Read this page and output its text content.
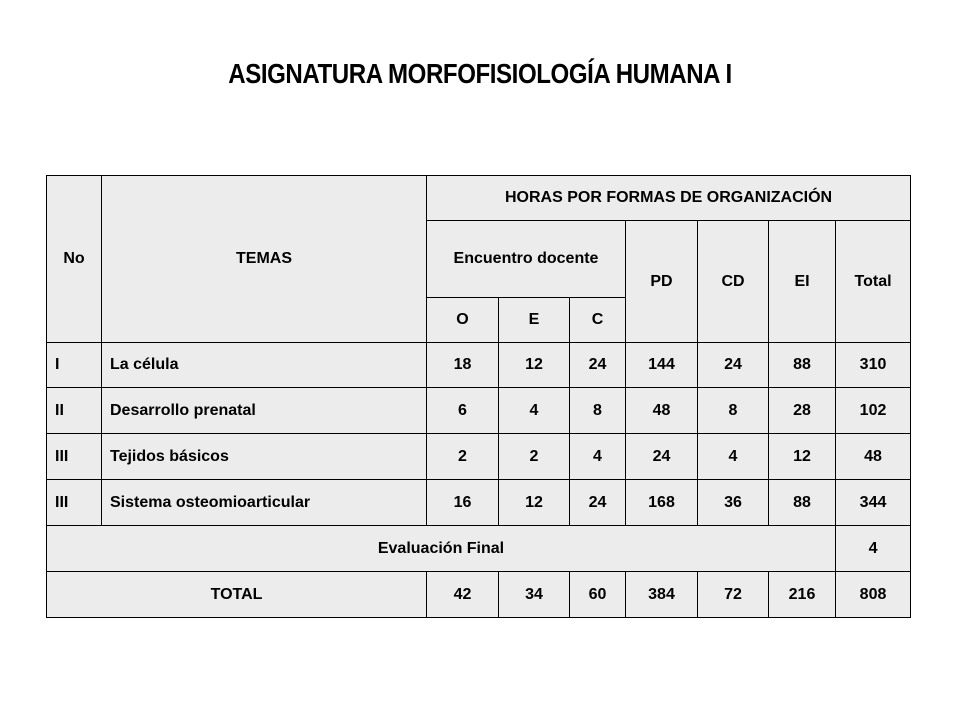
ASIGNATURA MORFOFISIOLOGÍA HUMANA I
No	TEMAS	HORAS POR FORMAS DE ORGANIZACIÓN						
		Encuentro docente			PD	CD	EI	Total
		O	E	C				
I	La célula	18	12	24	144	24	88	310
II	Desarrollo prenatal	6	4	8	48	8	28	102
III	Tejidos básicos	2	2	4	24	4	12	48
III	Sistema osteomioarticular	16	12	24	168	36	88	344
Evaluación Final								4
TOTAL		42	34	60	384	72	216	808
